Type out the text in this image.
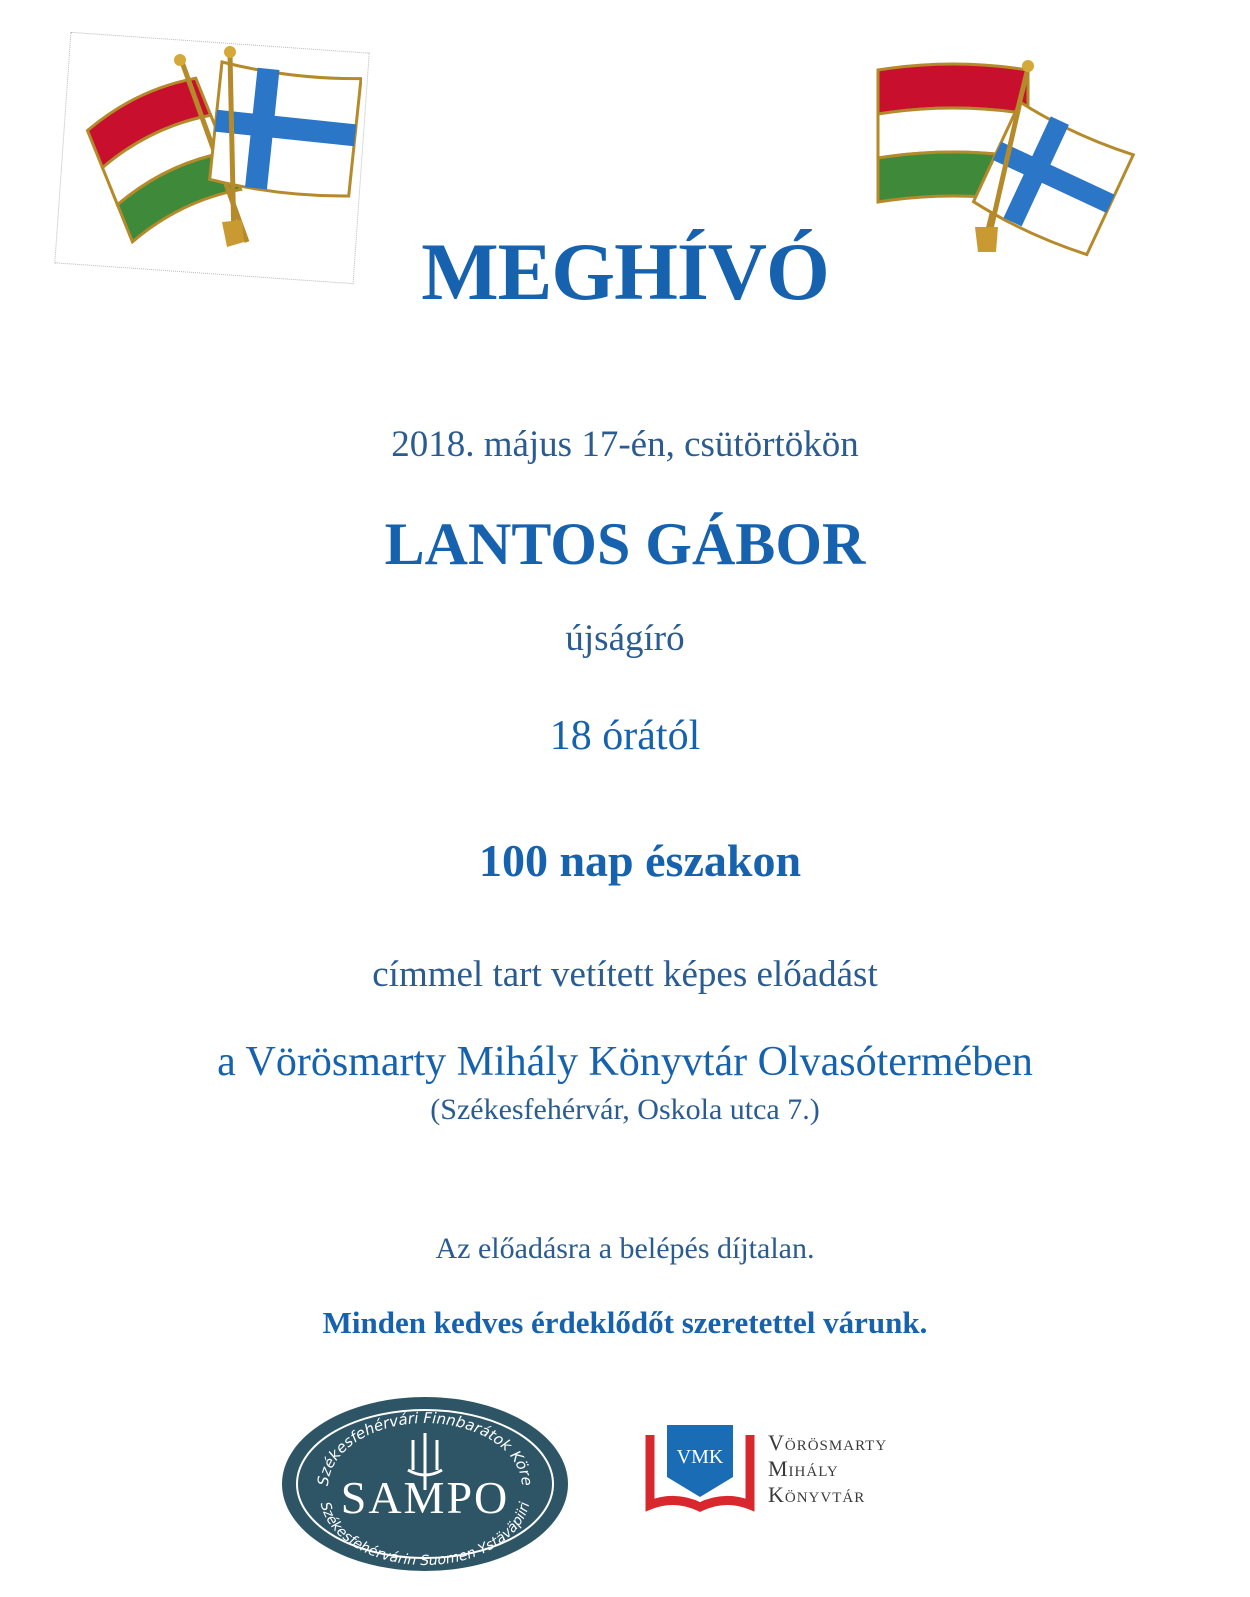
MEGHÍVÓ

2018. május 17-én, csütörtökön

LANTOS GÁBOR

újságíró

18 órától

100 nap északon

címmel tart vetített képes előadást

a Vörösmarty Mihály Könyvtár Olvasótermében

(Székesfehérvár, Oskola utca 7.)

Az előadásra a belépés díjtalan.

Minden kedves érdeklődőt szeretettel várunk.

Székesfehérvári Finnbarátok Köre
Székesfehérvárin Suomen Ystäväpiiri
SAMPO
VMK
Vörösmarty
Mihály
Könyvtár
